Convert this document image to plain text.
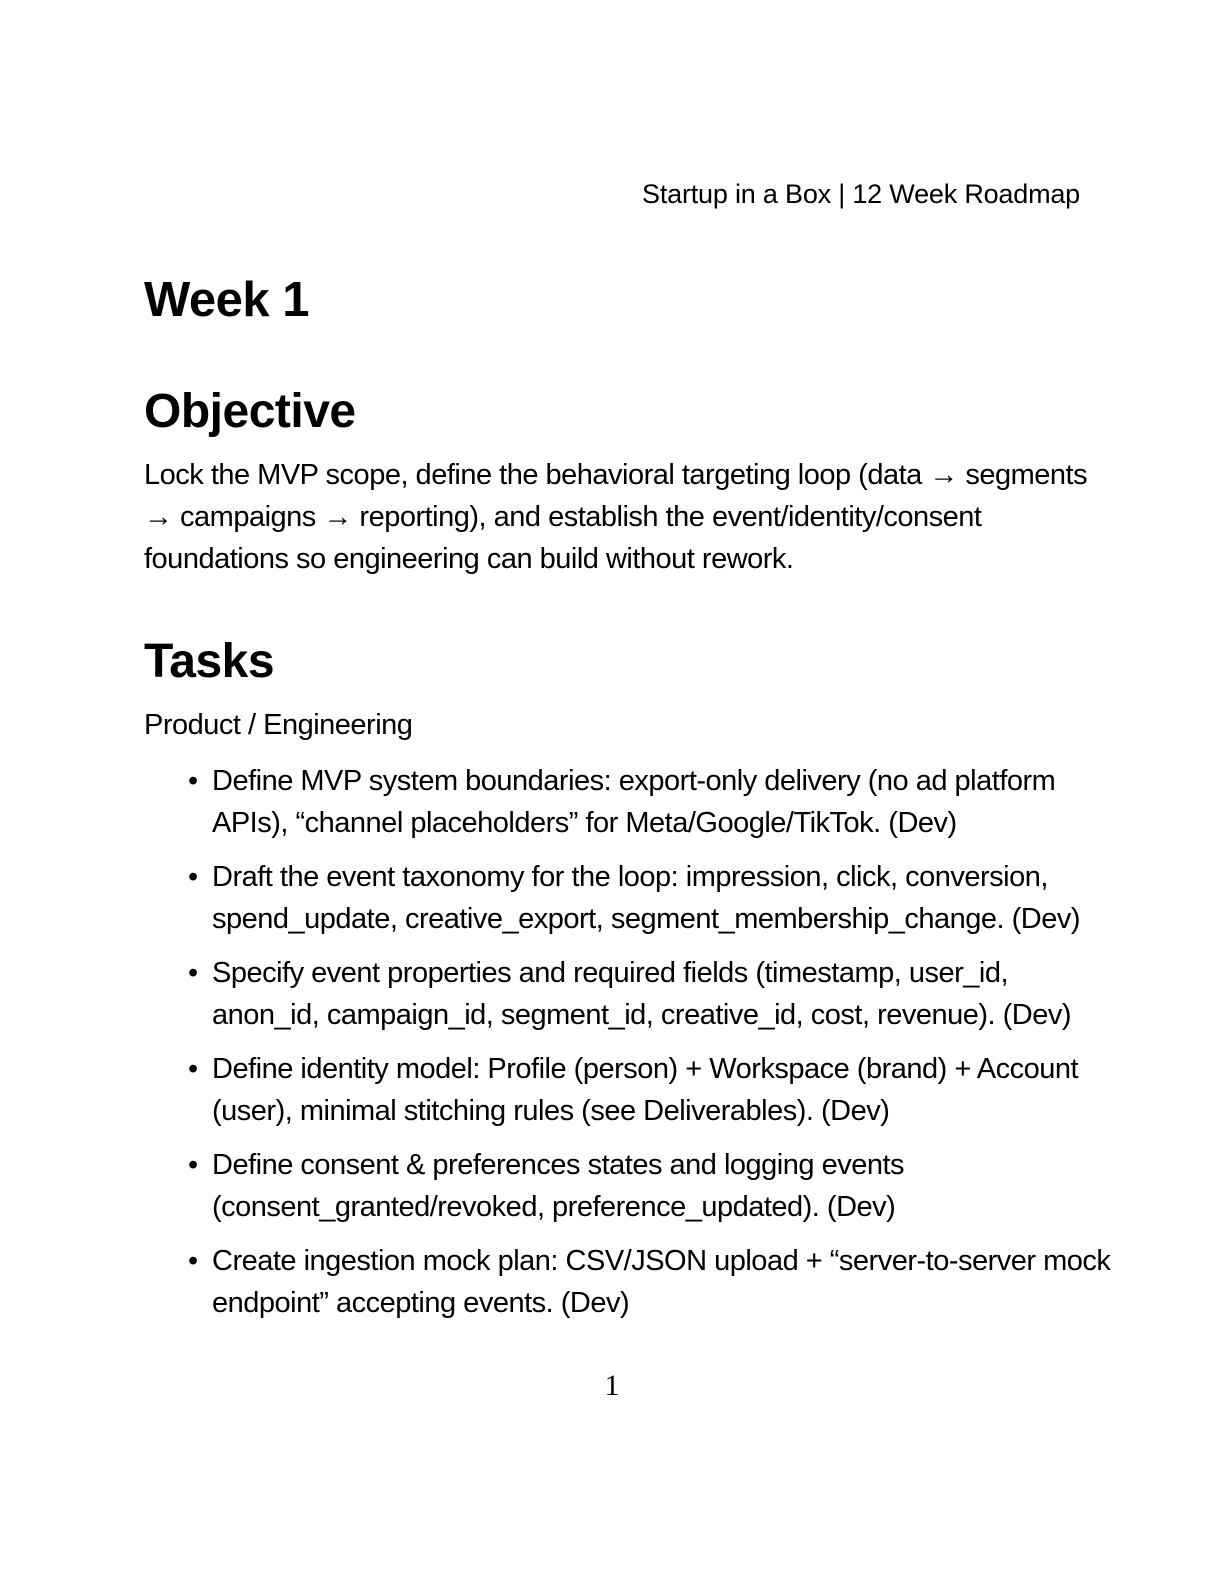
Startup in a Box | 12 Week Roadmap
Week 1
Objective
Lock the MVP scope, define the behavioral targeting loop (data → segments
→ campaigns → reporting), and establish the event/identity/consent
foundations so engineering can build without rework.
Tasks
Product / Engineering
• Define MVP system boundaries: export-only delivery (no ad platform
APIs), “channel placeholders” for Meta/Google/TikTok. (Dev)
• Draft the event taxonomy for the loop: impression, click, conversion,
spend_update, creative_export, segment_membership_change. (Dev)
• Specify event properties and required fields (timestamp, user_id,
anon_id, campaign_id, segment_id, creative_id, cost, revenue). (Dev)
• Define identity model: Profile (person) + Workspace (brand) + Account
(user), minimal stitching rules (see Deliverables). (Dev)
• Define consent & preferences states and logging events
(consent_granted/revoked, preference_updated). (Dev)
• Create ingestion mock plan: CSV/JSON upload + “server-to-server mock
endpoint” accepting events. (Dev)
1
